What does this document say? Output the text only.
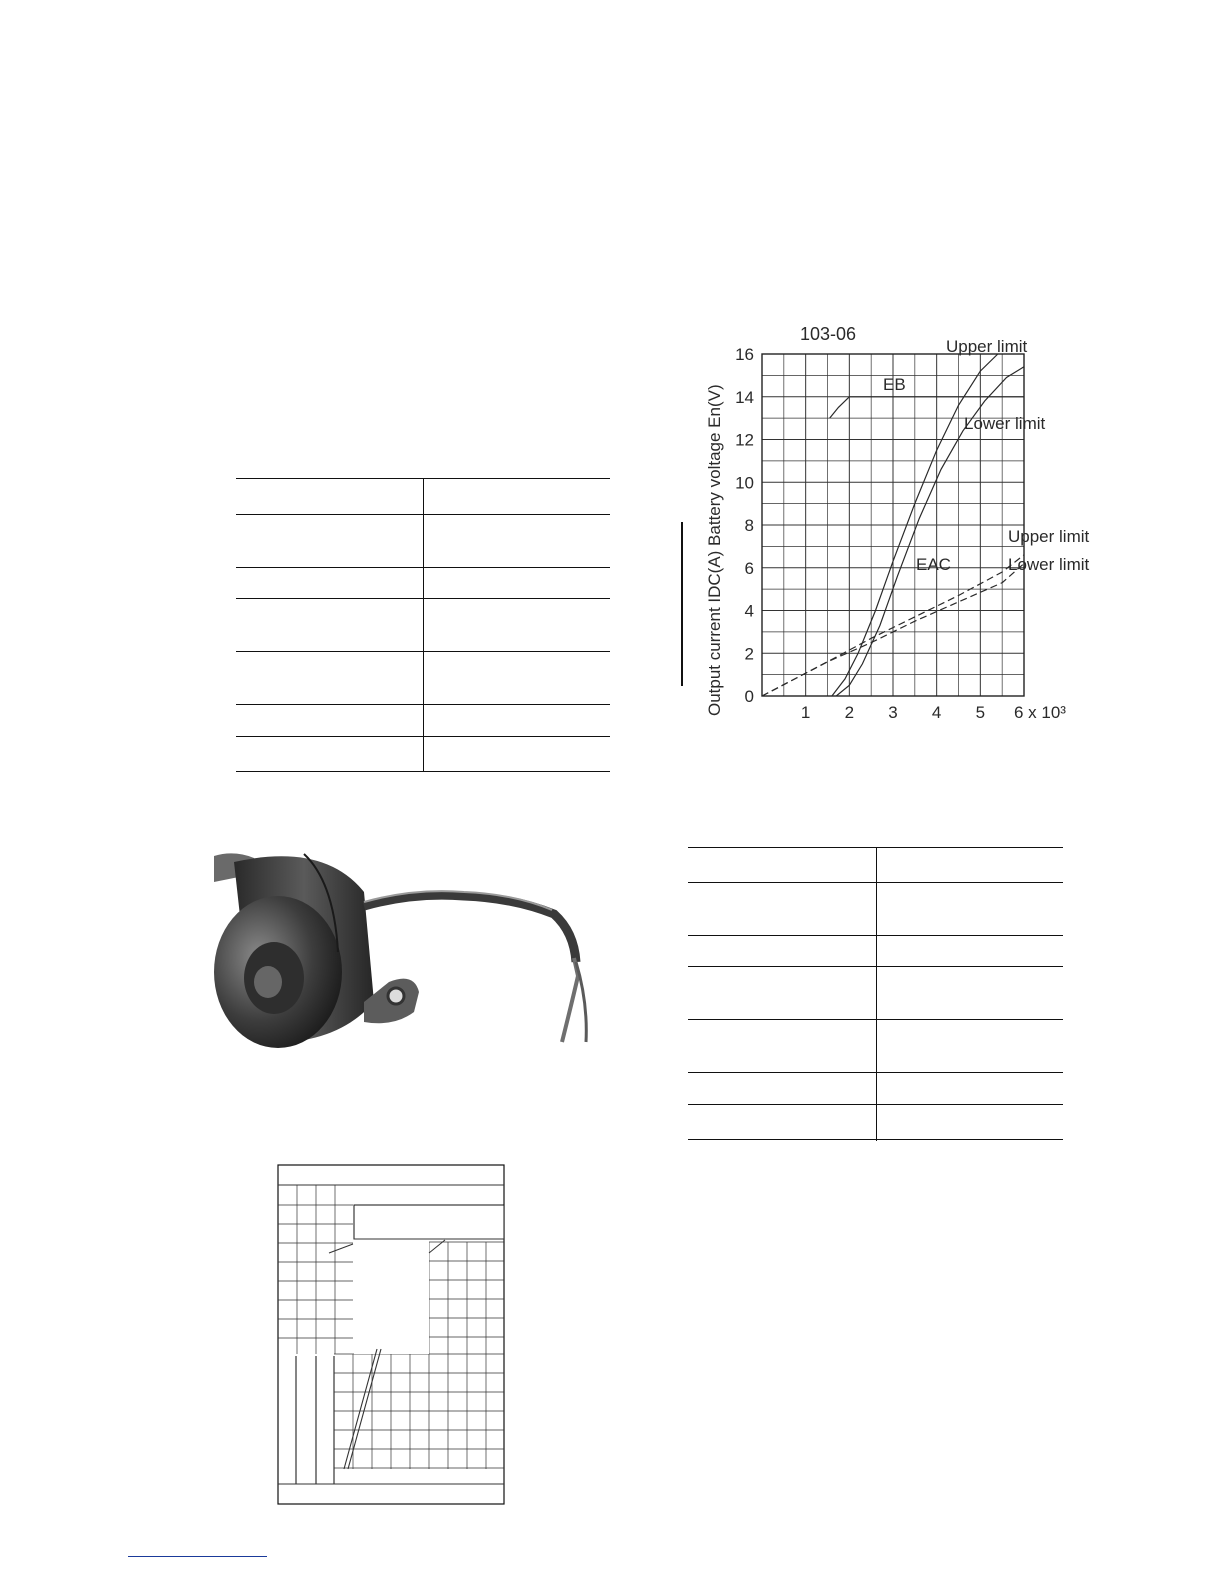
0
2
4
6
8
10
12
14
16
1 2 3 4 5 6 x 10³
103-06
Output current IDC(A) Battery voltage En(V)	EB
EAC
Upper limit
Lower limit
Upper limit
Lower limit
